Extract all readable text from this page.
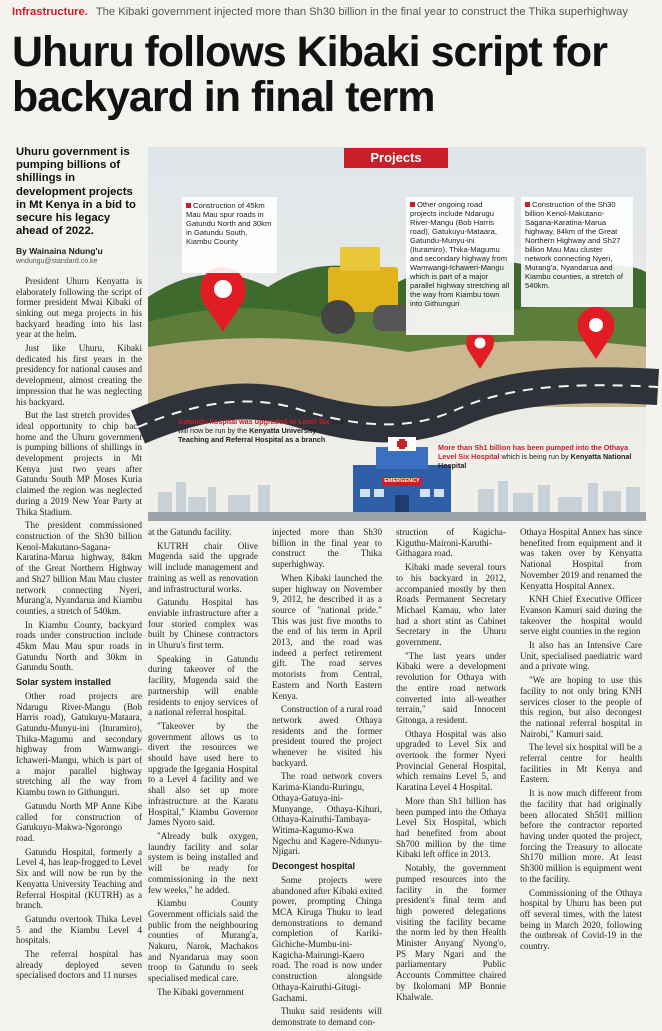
Infrastructure. The Kibaki government injected more than Sh30 billion in the final year to construct the Thika superhighway
Uhuru follows Kibaki script for backyard in final term
Uhuru government is pumping billions of shillings in development projects in Mt Kenya in a bid to secure his legacy ahead of 2022.
By Wainaina Ndung'u
wndungu@standard.co.ke

President Uhuru Kenyatta is elaborately following the script of former president Mwai Kibaki of sinking out mega projects in his backyard heading into his last year at the helm.

Just like Uhuru, Kibaki dedicated his first years in the presidency for national causes and development, almost creating the impression that he was neglecting his backyard.

But the last stretch provides an ideal opportunity to chip back home and the Uhuru government is pumping billions of shillings in development projects in Mt Kenya just two years after Gatundu South MP Moses Kuria claimed the region was neglected during a 2019 New Year Party at Thika Stadium.

The president commissioned construction of the Sh30 billion Kenol-Makutano-Sagana-Karatina-Marua highway, 84km of the Great Northern Highway and Sh27 billion Mau Mau cluster network connecting Nyeri, Murang'a, Nyandarua and Kiambu counties, a stretch of 540km.

In Kiambu County, backyard roads under construction include 45km Mau Mau spur roads in Gatundu North and 30km in Gatundu South.

Solar system installed

Other road projects are Ndarugu River-Mangu (Bob Harris road), Gatukuyu-Mataara, Gatundu-Munyu-ini (Ituramiro), Thika-Magumu and secondary highway from Wamwangi-Ichaweri-Mangu, which is part of a major parallel highway stretching all the way from Kiambu town to Githunguri.

Gatundu North MP Anne Kibe called for construction of Gatukuyu-Makwa-Ngorongo road.

Gatundu Hospital, formerly a Level 4, has leap-frogged to Level Six and will now be run by the Kenyatta University Teaching and Referral Hospital (KUTRH) as a branch.

Gatundu overtook Thika Level 5 and the Kiambu Level 4 hospitals.

The referral hospital has already deployed seven specialised doctors and 11 nurses

Projects
Construction of 45km Mau Mau spur roads in Gatundu North and 30km in Gatundu South, Kiambu County
Other ongoing road projects include Ndarugu River-Mangu (Bob Harris road), Gatukuyu-Mataara, Gatundu-Munyu-ini (Ituramiro), Thika-Magumu and secondary highway from Wamwangi-Ichaweri-Mangu which is part of a major parallel highway stretching all the way from Kiambu town into Githunguri
Construction of the Sh30 billion Kenol-Makutano-Sagana-Karatina-Marua highway, 84km of the Great Northern Highway and Sh27 billion Mau Mau cluster network connecting Nyeri, Murang'a, Nyandarua and Kiambu counties, a stretch of 540km.
Gatundu hospital was upgraded to Level Six and will now be run by the Kenyatta University Teaching and Referral Hospital as a branch
More than Sh1 billion has been pumped into the Othaya Level Six Hospital which is being run by Kenyatta National Hospital
EMERGENCY

at the Gatundu facility.

KUTRH chair Olive Mugenda said the upgrade will include management and training as well as renovation and infrastructural works.

Gatundu Hospital has enviable infrastructure after a four storied complex was built by Chinese contractors in Uhuru's first term.

Speaking in Gatundu during takeover of the facility, Mugenda said the partnership will enable residents to enjoy services of a national referral hospital.

"Takeover by the government allows us to divert the resources we should have used here to upgrade the Igegania Hospital to a Level 4 facility and we shall also set up more infrastructure at the Karatu Hospital," Kiambu Governor James Nyoro said.

"Already bulk oxygen, laundry facility and solar system is being installed and will be ready for commissioning in the next few weeks," he added.

Kiambu County Government officials said the public from the neighbouring counties of Murang'a, Nakuru, Narok, Machakos and Nyandarua may soon troop to Gatundu to seek specialised medical care.

The Kibaki government

injected more than Sh30 billion in the final year to construct the Thika superhighway.

When Kibaki launched the super highway on November 9, 2012, he described it as a source of "national pride." This was just five months to the end of his term in April 2013, and the road was indeed a perfect retirement gift. The road serves motorists from Central, Eastern and North Eastern Kenya.

Construction of a rural road network awed Othaya residents and the former president toured the project whenever he visited his backyard.

The road network covers Karima-Kiandu-Ruringu, Othaya-Gatuya-ini-Munyange, Othaya-Kihuri, Othaya-Kairuthi-Tambaya-Witima-Kagumo-Kwa Ngechu and Kagere-Ndunyu-Njigari.

Decongest hospital

Some projects were abandoned after Kibaki exited power, prompting Chinga MCA Kiruga Thuku to lead demonstrations to demand completion of Kariki-Gichiche-Mumbu-ini-Kagicha-Mairungi-Kaero road. The road is now under construction alongside Othaya-Kairuthi-Gitugi-Gachami.

Thuku said residents will demonstrate to demand con-

struction of Kagicha-Kiguthu-Maironi-Karuthi-Githagara road.

Kibaki made several tours to his backyard in 2012, accompanied mostly by then Roads Permanent Secretary Michael Kamau, who later had a short stint as Cabinet Secretary in the Uhuru government.

"The last years under Kibaki were a development revolution for Othaya with the entire road network converted into all-weather terrain," said Innocent Gitonga, a resident.

Othaya Hospital was also upgraded to Level Six and overtook the former Nyeri Provincial General Hospital, which remains Level 5, and Karatina Level 4 Hospital.

More than Sh1 billion has been pumped into the Othaya Level Six Hospital, which had benefited from about Sh700 million by the time Kibaki left office in 2013.

Notably, the government pumped resources into the facility in the former president's final term and high powered delegations visiting the facility became the norm led by then Health Minister Anyang' Nyong'o, PS Mary Ngari and the parliamentary Public Accounts Committee chaired by Ikolomani MP Bonnie Khalwale.

Othaya Hospital Annex has since benefited from equipment and it was taken over by Kenyatta National Hospital from November 2019 and renamed the Kenyatta Hospital Annex.

KNH Chief Executive Officer Evanson Kamuri said during the takeover the hospital would serve eight counties in the region

It also has an Intensive Care Unit, specialised paediatric ward and a private wing.

"We are hoping to use this facility to not only bring KNH services closer to the people of this region, but also decongest the national referral hospital in Nairobi," Kamuri said.

The level six hospital will be a referral centre for health facilities in Mt Kenya and Eastern.

It is now much different from the facility that had originally been allocated Sh501 million before the contractor reported having under quoted the project, forcing the Treasury to allocate Sh170 million more. At least Sh300 million is equipment went to the facility.

Commissioning of the Othaya hospital by Uhuru has been put off several times, with the latest being in March 2020, following the outbreak of Covid-19 in the country.
